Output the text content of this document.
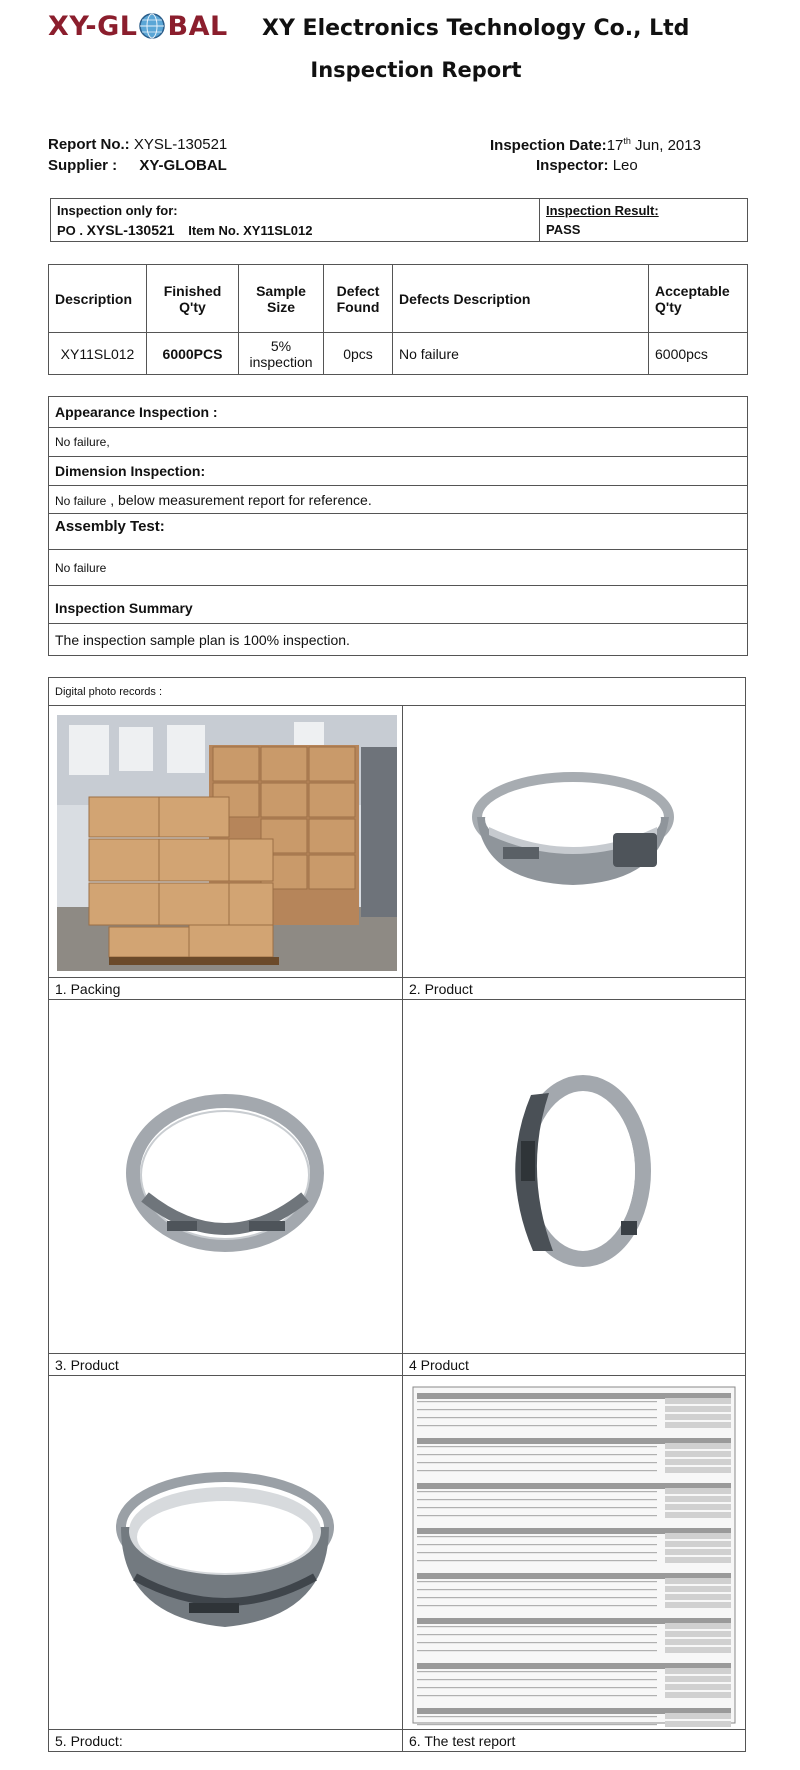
XY-GL BAL XY Electronics Technology Co., Ltd
Inspection Report
Report No.: XYSL-130521
Supplier : XY-GLOBAL
Inspection Date:17th Jun, 2013
Inspector: Leo
Inspection only for:
PO . XYSL-130521 Item No. XY11SL012

Inspection Result:
PASS
Description	Finished Q'ty	Sample Size	Defect Found	Defects Description	Acceptable Q'ty
XY11SL012	6000PCS	5% inspection	0pcs	No failure	6000pcs
Appearance Inspection :
No failure,
Dimension Inspection:
No failure , below measurement report for reference.
Assembly Test:
No failure
Inspection Summary
The inspection sample plan is 100% inspection.
Digital photo records :	

1. Packing	2. Product

3. Product	4 Product

5. Product:	6. The test report
